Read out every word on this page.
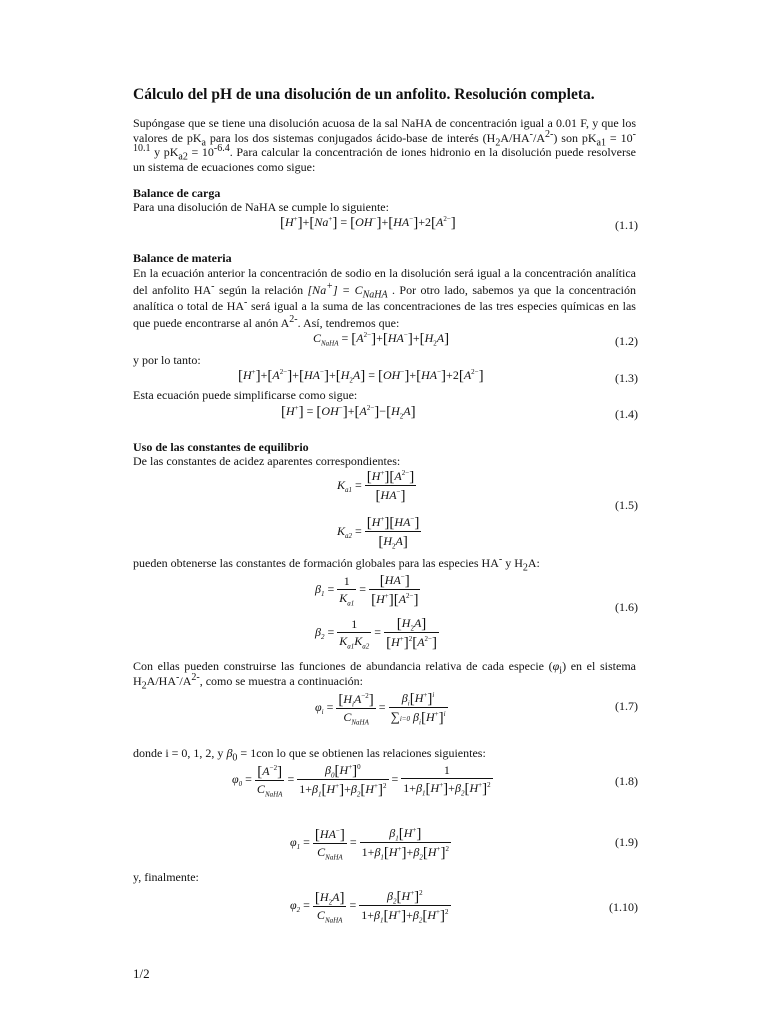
Cálculo del pH de una disolución de un anfolito. Resolución completa.
Supóngase que se tiene una disolución acuosa de la sal NaHA de concentración igual a 0.01 F, y que los valores de $pK_a$ para los dos sistemas conjugados ácido-base de interés $(H_2A/HA^-/A^{2-})$ son $pK_{a1} = 10^{-10.1}$ y $pK_{a2} = 10^{-6.4}$. Para calcular la concentración de iones hidronio en la disolución puede resolverse un sistema de ecuaciones como sigue:
Balance de carga
Para una disolución de NaHA se cumple lo siguiente:
$[H^+]+[Na^+] = [OH^-]+[HA^-]+2[A^{2-}]$	(1.1)
Balance de materia
En la ecuación anterior la concentración de sodio en la disolución será igual a la concentración analítica del anfolito HA- según la relación $[Na^+] = C_{NaHA}$ . Por otro lado, sabemos ya que la concentración analítica o total de HA- será igual a la suma de las concentraciones de las tres especies químicas en las que puede encontrarse al anón $A^{2-}$. Así, tendremos que:
$C_{NaHA} = [A^{2-}]+[HA^-]+[H_2A]$	(1.2)
y por lo tanto:
$[H^+]+[A^{2-}]+[HA^-]+[H_2A] = [OH^-]+[HA^-]+2[A^{2-}]$	(1.3)
Esta ecuación puede simplificarse como sigue:
$[H^+] = [OH^-]+[A^{2-}]-[H_2A]$	(1.4)
Uso de las constantes de equilibrio
De las constantes de acidez aparentes correspondientes:
$K_{a1} = \frac{[H^+][A^{2-}]}{[HA^-]}$
$K_{a2} = \frac{[H^+][HA^-]}{[H_2A]}$
(1.5)
pueden obtenerse las constantes de formación globales para las especies HA- y $H_2A$:
$\beta_1 = \frac{1}{K_{a1}} = \frac{[HA^-]}{[H^+][A^{2-}]}$
$\beta_2 = \frac{1}{K_{a1}K_{a2}} = \frac{[H_2A]}{[H^+]^2[A^{2-}]}$
(1.6)
Con ellas pueden construirse las funciones de abundancia relativa de cada especie $(\varphi_i)$ en el sistema $H_2A/HA^-/A^{2-}$, como se muestra a continuación:
$\varphi_i = \frac{[H_iA^{-2}]}{C_{NaHA}} = \frac{\beta_i[H^+]^i}{\sum i=0 \beta_i[H^+]^i}$	(1.7)
donde i = 0, 1, 2, y $\beta_0 = 1con$ lo que se obtienen las relaciones siguientes:
$\varphi_0 = \frac{[A^{-2}]}{C_{NaHA}} = \frac{\beta_0[H^+]^0}{1+\beta_1[H^+]+\beta_2[H^+]^2} = \frac{1}{1+\beta_1[H^+]+\beta_2[H^+]^2}$	(1.8)
$\varphi_1 = \frac{[HA^-]}{C_{NaHA}} = \frac{\beta_1[H^+]}{1+\beta_1[H^+]+\beta_2[H^+]^2}$	(1.9)
y, finalmente:
$\varphi_2 = \frac{[H_2A]}{C_{NaHA}} = \frac{\beta_2[H^+]^2}{1+\beta_1[H^+]+\beta_2[H^+]^2}$	(1.10)
1/2
